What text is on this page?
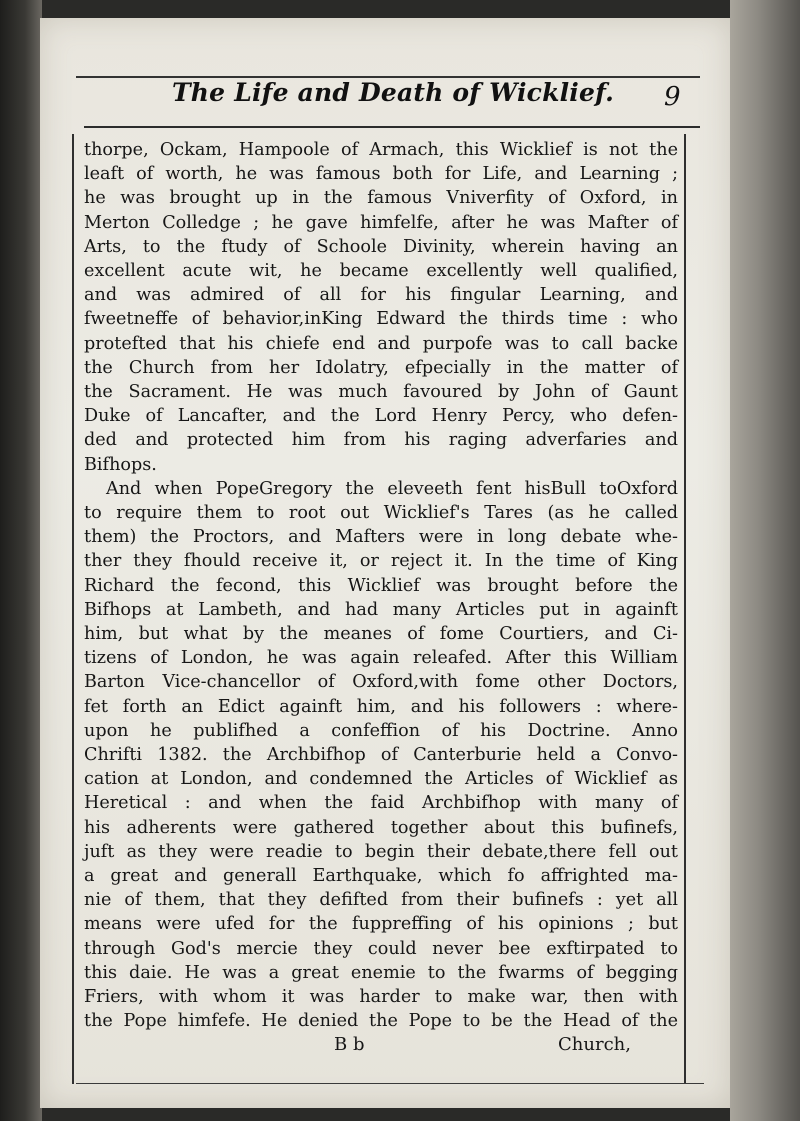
The Life and Death of Wicklief. 9
thorpe, Ockam, Hampoole of Armach, this Wicklief is not the
leaft of worth, he was famous both for Life, and Learning ;
he was brought up in the famous Vniverfity of Oxford, in
Merton Colledge ; he gave himfelfe, after he was Mafter of
Arts, to the ftudy of Schoole Divinity, wherein having an
excellent acute wit, he became excellently well qualified,
and was admired of all for his fingular Learning, and
fweetneffe of behavior,inKing Edward the thirds time : who
protefted that his chiefe end and purpofe was to call backe
the Church from her Idolatry, efpecially in the matter of
the Sacrament. He was much favoured by John of Gaunt
Duke of Lancafter, and the Lord Henry Percy, who defen-
ded and protected him from his raging adverfaries and
Bifhops.
And when PopeGregory the eleveeth fent hisBull toOxford
to require them to root out Wicklief's Tares (as he called
them) the Proctors, and Mafters were in long debate whe-
ther they fhould receive it, or reject it. In the time of King
Richard the fecond, this Wicklief was brought before the
Bifhops at Lambeth, and had many Articles put in againft
him, but what by the meanes of fome Courtiers, and Ci-
tizens of London, he was again releafed. After this William
Barton Vice-chancellor of Oxford,with fome other Doctors,
fet forth an Edict againft him, and his followers : where-
upon he publifhed a confeffion of his Doctrine. Anno
Chrifti 1382. the Archbifhop of Canterburie held a Convo-
cation at London, and condemned the Articles of Wicklief as
Heretical : and when the faid Archbifhop with many of
his adherents were gathered together about this bufinefs,
juft as they were readie to begin their debate,there fell out
a great and generall Earthquake, which fo affrighted ma-
nie of them, that they defifted from their bufinefs : yet all
means were ufed for the fuppreffing of his opinions ; but
through God's mercie they could never bee exftirpated to
this daie. He was a great enemie to the fwarms of begging
Friers, with whom it was harder to make war, then with
the Pope himfefe. He denied the Pope to be the Head of the
B b	Church,
